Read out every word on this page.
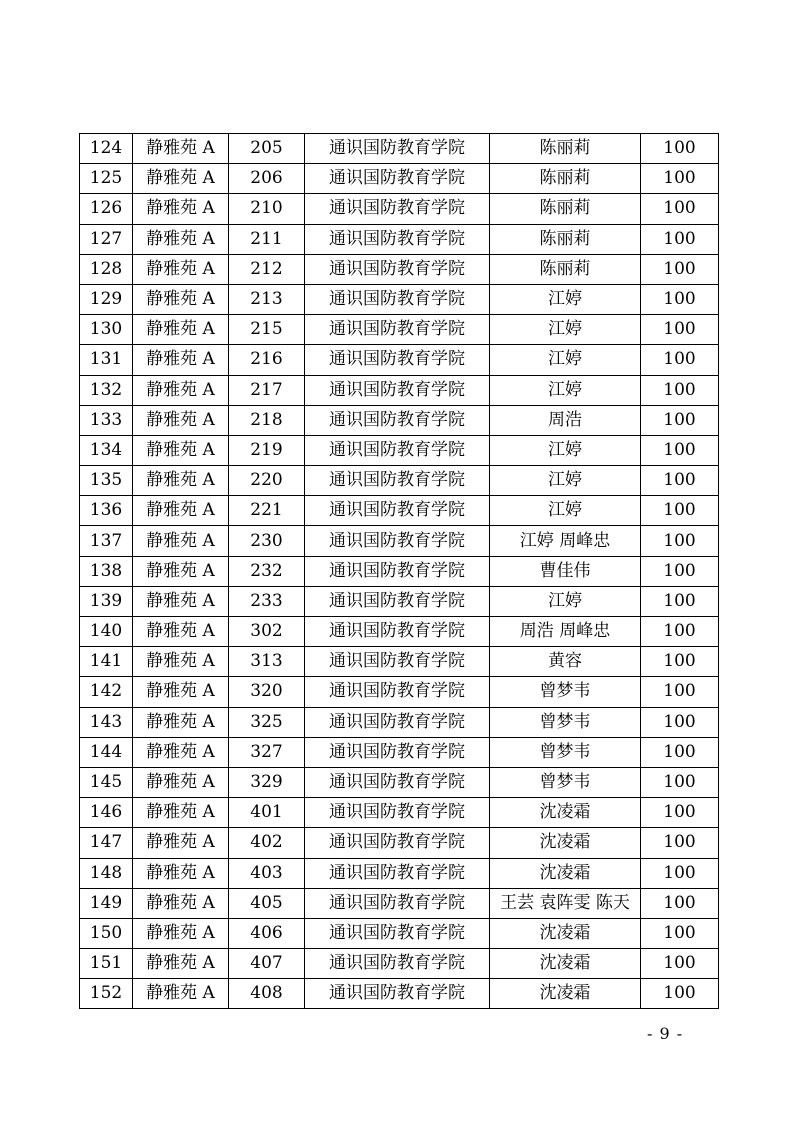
124	静雅苑 A	205	通识国防教育学院	陈丽莉	100
125	静雅苑 A	206	通识国防教育学院	陈丽莉	100
126	静雅苑 A	210	通识国防教育学院	陈丽莉	100
127	静雅苑 A	211	通识国防教育学院	陈丽莉	100
128	静雅苑 A	212	通识国防教育学院	陈丽莉	100
129	静雅苑 A	213	通识国防教育学院	江婷	100
130	静雅苑 A	215	通识国防教育学院	江婷	100
131	静雅苑 A	216	通识国防教育学院	江婷	100
132	静雅苑 A	217	通识国防教育学院	江婷	100
133	静雅苑 A	218	通识国防教育学院	周浩	100
134	静雅苑 A	219	通识国防教育学院	江婷	100
135	静雅苑 A	220	通识国防教育学院	江婷	100
136	静雅苑 A	221	通识国防教育学院	江婷	100
137	静雅苑 A	230	通识国防教育学院	江婷 周峰忠	100
138	静雅苑 A	232	通识国防教育学院	曹佳伟	100
139	静雅苑 A	233	通识国防教育学院	江婷	100
140	静雅苑 A	302	通识国防教育学院	周浩 周峰忠	100
141	静雅苑 A	313	通识国防教育学院	黄容	100
142	静雅苑 A	320	通识国防教育学院	曾梦韦	100
143	静雅苑 A	325	通识国防教育学院	曾梦韦	100
144	静雅苑 A	327	通识国防教育学院	曾梦韦	100
145	静雅苑 A	329	通识国防教育学院	曾梦韦	100
146	静雅苑 A	401	通识国防教育学院	沈凌霜	100
147	静雅苑 A	402	通识国防教育学院	沈凌霜	100
148	静雅苑 A	403	通识国防教育学院	沈凌霜	100
149	静雅苑 A	405	通识国防教育学院	王芸 袁阵雯 陈天	100
150	静雅苑 A	406	通识国防教育学院	沈凌霜	100
151	静雅苑 A	407	通识国防教育学院	沈凌霜	100
152	静雅苑 A	408	通识国防教育学院	沈凌霜	100
- 9 -
